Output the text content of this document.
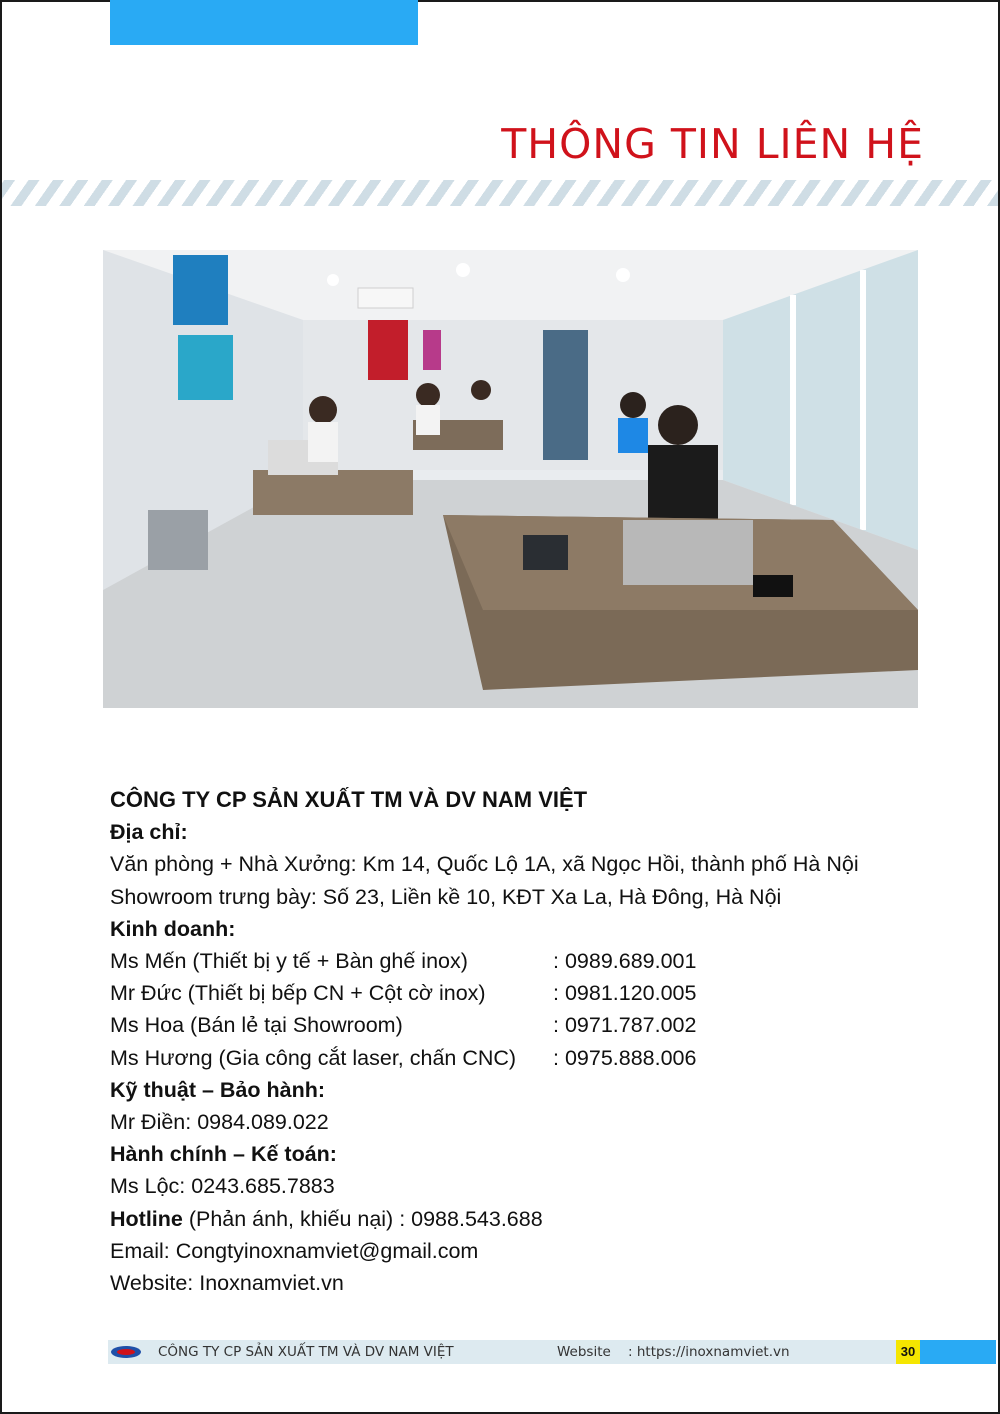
THÔNG TIN LIÊN HỆ
CÔNG TY CP SẢN XUẤT TM VÀ DV NAM VIỆT
Địa chỉ:
Văn phòng + Nhà Xưởng: Km 14, Quốc Lộ 1A, xã Ngọc Hồi, thành phố Hà Nội
Showroom trưng bày: Số 23, Liền kề 10, KĐT Xa La, Hà Đông, Hà Nội
Kinh doanh:
Ms Mến (Thiết bị y tế + Bàn ghế inox)	: 0989.689.001
Mr Đức (Thiết bị bếp CN + Cột cờ inox)	: 0981.120.005
Ms Hoa (Bán lẻ tại Showroom)	: 0971.787.002
Ms Hương (Gia công cắt laser, chấn CNC)	: 0975.888.006
Kỹ thuật – Bảo hành:
Mr Điền: 0984.089.022
Hành chính – Kế toán:
Ms Lộc: 0243.685.7883
Hotline (Phản ánh, khiếu nại) : 0988.543.688
Email: Congtyinoxnamviet@gmail.com
Website: Inoxnamviet.vn
CÔNG TY CP SẢN XUẤT TM VÀ DV NAM VIỆT	Website : https://inoxnamviet.vn	30
